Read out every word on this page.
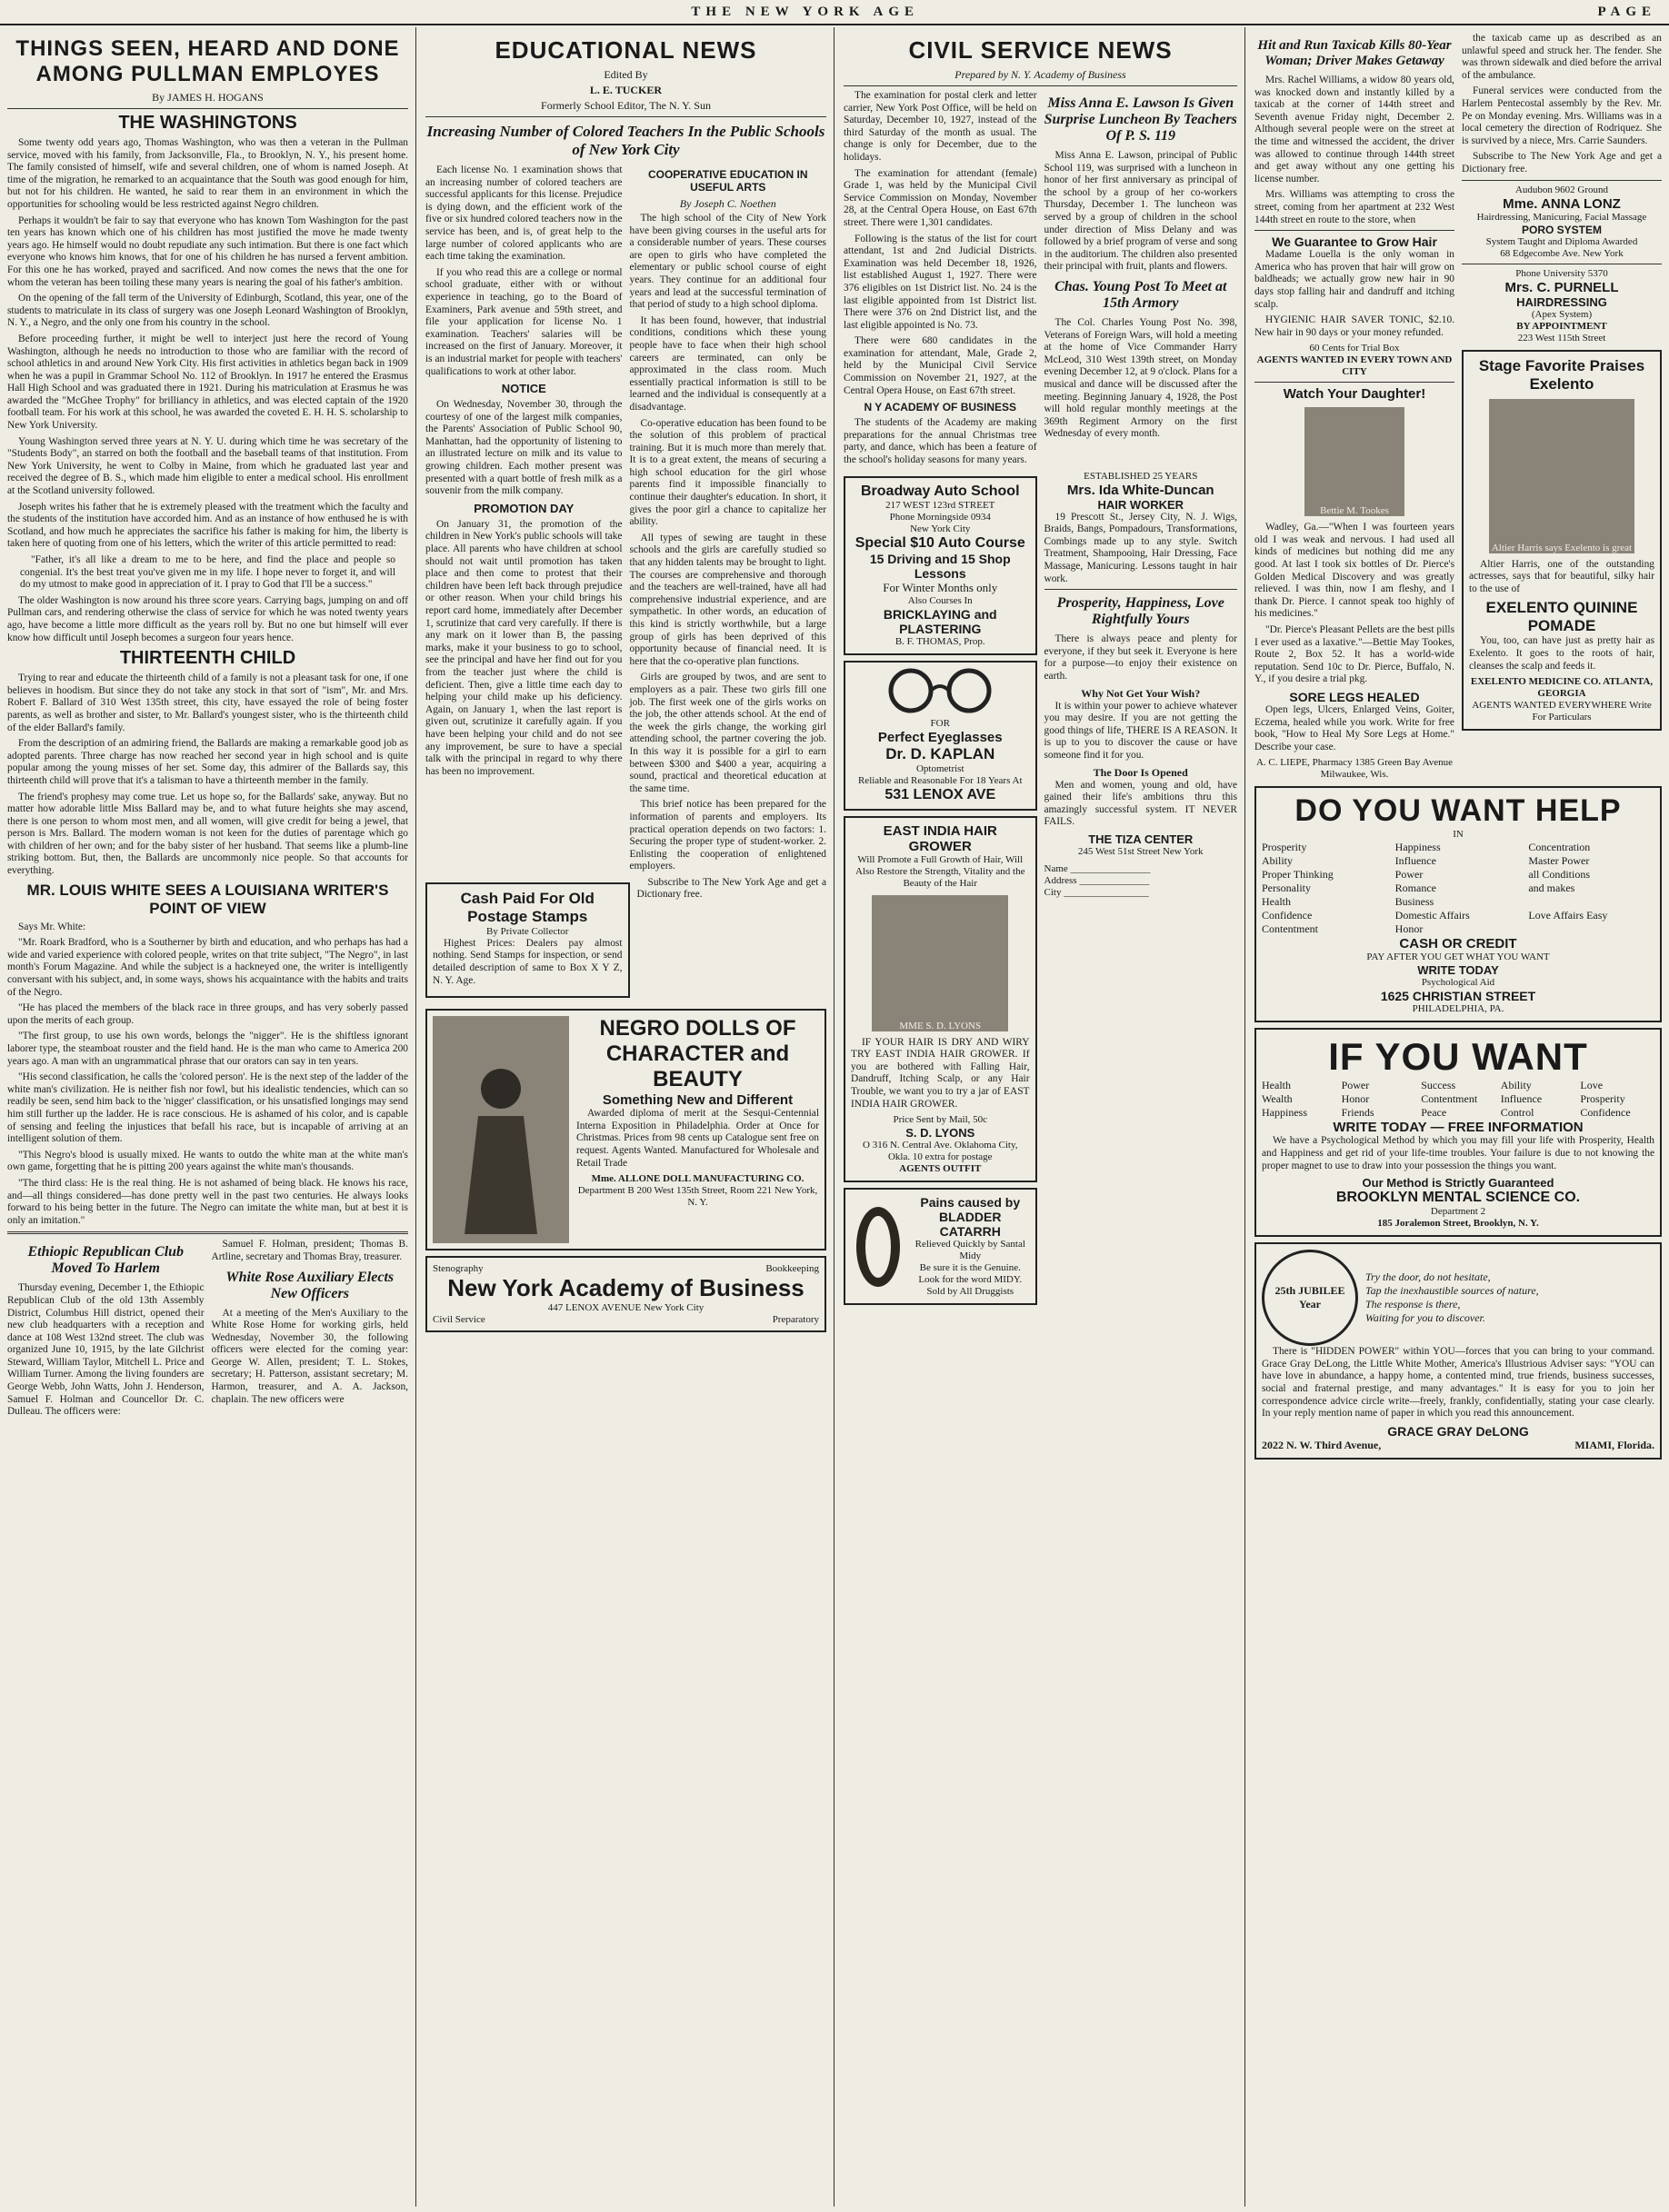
THE NEW YORK AGE	PAGE
THINGS SEEN, HEARD AND DONE AMONG PULLMAN EMPLOYES
By JAMES H. HOGANS
THE WASHINGTONS

Some twenty odd years ago, Thomas Washington, who was then a veteran in the Pullman service, moved with his family, from Jacksonville, Fla., to Brooklyn, N. Y., his present home. The family consisted of himself, wife and several children, one of whom is named Joseph. At time of the migration, he remarked to an acquaintance that the South was good enough for him, but not for his children. He wanted, he said to rear them in an environment in which the opportunities for schooling would be less restricted against Negro children.

Perhaps it wouldn't be fair to say that everyone who has known Tom Washington for the past ten years has known which one of his children has most justified the move he made twenty years ago. He himself would no doubt repudiate any such intimation. But there is one fact which everyone who knows him knows, that for one of his children he has nursed a fervent ambition. For this one he has worked, prayed and sacrificed. And now comes the news that the one for whom the veteran has been toiling these many years is nearing the goal of his father's ambition.

On the opening of the fall term of the University of Edinburgh, Scotland, this year, one of the students to matriculate in its class of surgery was one Joseph Leonard Washington of Brooklyn, N. Y., a Negro, and the only one from his country in the school.

Before proceeding further, it might be well to interject just here the record of Young Washington, although he needs no introduction to those who are familiar with the record of school athletics in and around New York City. His first activities in athletics began back in 1909 when he was a pupil in Grammar School No. 112 of Brooklyn. In 1917 he entered the Erasmus Hall High School and was graduated there in 1921. During his matriculation at Erasmus he was awarded the "McGhee Trophy" for brilliancy in athletics, and was elected captain of the 1920 football team. For his work at this school, he was awarded the coveted E. H. H. S. scholarship to New York University.

Young Washington served three years at N. Y. U. during which time he was secretary of the "Students Body", an starred on both the football and the baseball teams of that institution. From New York University, he went to Colby in Maine, from which he graduated last year and received the degree of B. S., which made him eligible to enter a medical school. His enrollment at the Scotland university followed.

Joseph writes his father that he is extremely pleased with the treatment which the faculty and the students of the institution have accorded him. And as an instance of how enthused he is with Scotland, and how much he appreciates the sacrifice his father is making for him, the liberty is taken here of quoting from one of his letters, which the writer of this article permitted to read:

"Father, it's all like a dream to me to be here, and find the place and people so congenial. It's the best treat you've given me in my life. I hope never to forget it, and will do my utmost to make good in appreciation of it. I pray to God that I'll be a success."

The older Washington is now around his three score years. Carrying bags, jumping on and off Pullman cars, and rendering otherwise the class of service for which he was noted twenty years ago, have become a little more difficult as the years roll by. But no one but himself will ever know how difficult until Joseph becomes a surgeon four years hence.

THIRTEENTH CHILD

Trying to rear and educate the thirteenth child of a family is not a pleasant task for one, if one believes in hoodism. But since they do not take any stock in that sort of "ism", Mr. and Mrs. Robert F. Ballard of 310 West 135th street, this city, have essayed the role of being foster parents, as well as brother and sister, to Mr. Ballard's youngest sister, who is the thirteenth child of the elder Ballard's family.

From the description of an admiring friend, the Ballards are making a remarkable good job as adopted parents. Three charge has now reached her second year in high school and is quite popular among the young misses of her set. Some day, this admirer of the Ballards say, this thirteenth child will prove that it's a talisman to have a thirteenth member in the family.

The friend's prophesy may come true. Let us hope so, for the Ballards' sake, anyway. But no matter how adorable little Miss Ballard may be, and to what future heights she may ascend, there is one person to whom most men, and all women, will give credit for being a jewel, that person is Mrs. Ballard. The modern woman is not keen for the duties of parentage which go with children of her own; and for the baby sister of her husband. That seems like a plumb-line striking bottom. But, then, the Ballards are uncommonly nice people. So that accounts for everything.

MR. LOUIS WHITE SEES A LOUISIANA WRITER'S POINT OF VIEW

Says Mr. White:

"Mr. Roark Bradford, who is a Southerner by birth and education, and who perhaps has had a wide and varied experience with colored people, writes on that trite subject, "The Negro", in last month's Forum Magazine. And while the subject is a hackneyed one, the writer is intelligently conversant with his subject, and, in some ways, shows his acquaintance with the habits and traits of the Negro.

"He has placed the members of the black race in three groups, and has very soberly passed upon the merits of each group.

"The first group, to use his own words, belongs the "nigger". He is the shiftless ignorant laborer type, the steamboat rouster and the field hand. He is the man who came to America 200 years ago. A man with an ungrammatical phrase that our orators can say in ten years.

"His second classification, he calls the 'colored person'. He is the next step of the ladder of the white man's civilization. He is neither fish nor fowl, but his idealistic tendencies, which can so readily be seen, send him back to the 'nigger' classification, or his unsatisfied longings may send him still further up the ladder. He is race conscious. He is ashamed of his color, and is capable of sensing and feeling the injustices that befall his race, but is incapable of arriving at an intelligent solution of them.

"This Negro's blood is usually mixed. He wants to outdo the white man at the white man's own game, forgetting that he is pitting 200 years against the white man's thousands.

"The third class: He is the real thing. He is not ashamed of being black. He knows his race, and—all things considered—has done pretty well in the past two centuries. He always looks forward to his being better in the future. The Negro can imitate the white man, but at best it is only an imitation."

Ethiopic Republican Club Moved To Harlem

Thursday evening, December 1, the Ethiopic Republican Club of the old 13th Assembly District, Columbus Hill district, opened their new club headquarters with a reception and dance at 108 West 132nd street. The club was organized June 10, 1915, by the late Gilchrist Steward, William Taylor, Mitchell L. Price and William Turner. Among the living founders are George Webb, John Watts, John J. Henderson, Samuel F. Holman and Councellor Dr. C. Dulleau. The officers were:

Samuel F. Holman, president; Thomas B. Artline, secretary and Thomas Bray, treasurer.

White Rose Auxiliary Elects New Officers

At a meeting of the Men's Auxiliary to the White Rose Home for working girls, held Wednesday, November 30, the following officers were elected for the coming year: George W. Allen, president; T. L. Stokes, secretary; H. Patterson, assistant secretary; M. Harmon, treasurer, and A. A. Jackson, chaplain. The new officers were

EDUCATIONAL NEWS
Edited By
L. E. TUCKER
Formerly School Editor, The N. Y. Sun
Increasing Number of Colored Teachers In the Public Schools of New York City

Each license No. 1 examination shows that an increasing number of colored teachers are successful applicants for this license. Prejudice is dying down, and the efficient work of the five or six hundred colored teachers now in the service has been, and is, of great help to the large number of colored applicants who are each time taking the examination.

If you who read this are a college or normal school graduate, either with or without experience in teaching, go to the Board of Examiners, Park avenue and 59th street, and file your application for license No. 1 examination. Teachers' salaries will be increased on the first of January. Moreover, it is an industrial market for people with teachers' qualifications to work at other labor.

NOTICE

On Wednesday, November 30, through the courtesy of one of the largest milk companies, the Parents' Association of Public School 90, Manhattan, had the opportunity of listening to an illustrated lecture on milk and its value to growing children. Each mother present was presented with a quart bottle of fresh milk as a souvenir from the milk company.

PROMOTION DAY

On January 31, the promotion of the children in New York's public schools will take place. All parents who have children at school should not wait until promotion has taken place and then come to protest that their children have been left back through prejudice or other reason. When your child brings his report card home, immediately after December 1, scrutinize that card very carefully. If there is any mark on it lower than B, the passing marks, make it your business to go to school, see the principal and have her find out for you from the teacher just where the child is deficient. Then, give a little time each day to helping your child make up his deficiency. Again, on January 1, when the last report is given out, scrutinize it carefully again. If you have been helping your child and do not see any improvement, be sure to have a special talk with the principal in regard to why there has been no improvement.

COOPERATIVE EDUCATION IN USEFUL ARTS
By Joseph C. Noethen

The high school of the City of New York have been giving courses in the useful arts for a considerable number of years. These courses are open to girls who have completed the elementary or public school course of eight years. They continue for an additional four years and lead at the successful termination of that period of study to a high school diploma.

It has been found, however, that industrial conditions, conditions which these young people have to face when their high school careers are terminated, can only be approximated in the class room. Much essentially practical information is still to be learned and the individual is consequently at a disadvantage.

Co-operative education has been found to be the solution of this problem of practical training. But it is much more than merely that. It is to a great extent, the means of securing a high school education for the girl whose parents find it impossible financially to continue their daughter's education. In short, it gives the poor girl a chance to capitalize her ability.

All types of sewing are taught in these schools and the girls are carefully studied so that any hidden talents may be brought to light. The courses are comprehensive and thorough and the teachers are well-trained, have all had comprehensive industrial experience, and are sympathetic. In other words, an education of this kind is strictly worthwhile, but a large group of girls has been deprived of this opportunity because of financial need. It is here that the co-operative plan functions.

Girls are grouped by twos, and are sent to employers as a pair. These two girls fill one job. The first week one of the girls works on the job, the other attends school. At the end of the week the girls change, the working girl attending school, the partner covering the job. In this way it is possible for a girl to earn between $300 and $400 a year, acquiring a sound, practical and theoretical education at the same time.

This brief notice has been prepared for the information of parents and employers. Its practical operation depends on two factors: 1. Securing the proper type of student-worker. 2. Enlisting the cooperation of enlightened employers.

Cash Paid For Old Postage Stamps
By Private Collector

Highest Prices: Dealers pay almost nothing. Send Stamps for inspection, or send detailed description of same to Box X Y Z, N. Y. Age.

Subscribe to The New York Age and get a Dictionary free.

NEGRO DOLLS OF CHARACTER and BEAUTY
Something New and Different

Awarded diploma of merit at the Sesqui-Centennial Interna Exposition in Philadelphia. Order at Once for Christmas. Prices from 98 cents up Catalogue sent free on request. Agents Wanted. Manufactured for Wholesale and Retail Trade

Mme. ALLONE DOLL MANUFACTURING CO.
Department B 200 West 135th Street, Room 221 New York, N. Y.
Stenography	Bookkeeping
New York Academy of Business
447 LENOX AVENUE New York City
Civil Service	Preparatory
CIVIL SERVICE NEWS
Prepared by N. Y. Academy of Business

The examination for postal clerk and letter carrier, New York Post Office, will be held on Saturday, December 10, 1927, instead of the third Saturday of the month as usual. The change is only for December, due to the holidays.

The examination for attendant (female) Grade 1, was held by the Municipal Civil Service Commission on Monday, November 28, at the Central Opera House, on East 67th street. There were 1,301 candidates.

Following is the status of the list for court attendant, 1st and 2nd Judicial Districts. Examination was held December 18, 1926, list established August 1, 1927. There were 376 eligibles on 1st District list. No. 24 is the last eligible appointed from 1st District list. There were 376 on 2nd District list, and the last eligible appointed is No. 73.

There were 680 candidates in the examination for attendant, Male, Grade 2, held by the Municipal Civil Service Commission on November 21, 1927, at the Central Opera House, on East 67th street.

N Y ACADEMY OF BUSINESS

The students of the Academy are making preparations for the annual Christmas tree party, and dance, which has been a feature of the school's holiday seasons for many years.

Miss Anna E. Lawson Is Given Surprise Luncheon By Teachers Of P. S. 119

Miss Anna E. Lawson, principal of Public School 119, was surprised with a luncheon in honor of her first anniversary as principal of the school by a group of her co-workers Thursday, December 1. The luncheon was served by a group of children in the school under direction of Miss Delany and was followed by a brief program of verse and song in the auditorium. The children also presented their principal with fruit, plants and flowers.

Chas. Young Post To Meet at 15th Armory

The Col. Charles Young Post No. 398, Veterans of Foreign Wars, will hold a meeting at the home of Vice Commander Harry McLeod, 310 West 139th street, on Monday evening December 12, at 9 o'clock. Plans for a musical and dance will be discussed after the meeting. Beginning January 4, 1928, the Post will hold regular monthly meetings at the 369th Regiment Armory on the first Wednesday of every month.

Broadway Auto School
217 WEST 123rd STREET
Phone Morningside 0934
New York City
Special $10 Auto Course
15 Driving and 15 Shop Lessons
For Winter Months only
Also Courses In
BRICKLAYING and PLASTERING
B. F. THOMAS, Prop.
FOR
Perfect Eyeglasses
Dr. D. KAPLAN
Optometrist
Reliable and Reasonable For 18 Years At
531 LENOX AVE
EAST INDIA HAIR GROWER
Will Promote a Full Growth of Hair, Will Also Restore the Strength, Vitality and the Beauty of the Hair
MME S. D. LYONS

IF YOUR HAIR IS DRY AND WIRY TRY EAST INDIA HAIR GROWER. If you are bothered with Falling Hair, Dandruff, Itching Scalp, or any Hair Trouble, we want you to try a jar of EAST INDIA HAIR GROWER.

Price Sent by Mail, 50c
S. D. LYONS
O 316 N. Central Ave. Oklahoma City, Okla. 10 extra for postage
AGENTS OUTFIT
Pains caused by BLADDER CATARRH
Relieved Quickly by Santal Midy
Be sure it is the Genuine. Look for the word MIDY. Sold by All Druggists
ESTABLISHED 25 YEARS
Mrs. Ida White-Duncan
HAIR WORKER

19 Prescott St., Jersey City, N. J. Wigs, Braids, Bangs, Pompadours, Transformations, Combings made up to any style. Switch Treatment, Shampooing, Hair Dressing, Face Massage, Manicuring. Lessons taught in hair work.

Prosperity, Happiness, Love Rightfully Yours

There is always peace and plenty for everyone, if they but seek it. Everyone is here for a purpose—to enjoy their existence on earth.

Why Not Get Your Wish?

It is within your power to achieve whatever you may desire. If you are not getting the good things of life, THERE IS A REASON. It is up to you to discover the cause or have someone find it for you.

The Door Is Opened

Men and women, young and old, have gained their life's ambitions thru this amazingly successful system. IT NEVER FAILS.

THE TIZA CENTER
245 West 51st Street New York
Name ________________
Address ______________
City _________________
Hit and Run Taxicab Kills 80-Year Woman; Driver Makes Getaway

Mrs. Rachel Williams, a widow 80 years old, was knocked down and instantly killed by a taxicab at the corner of 144th street and Seventh avenue Friday night, December 2. Although several people were on the street at the time and witnessed the accident, the driver was allowed to continue through 144th street and get away without any one getting his license number.

Mrs. Williams was attempting to cross the street, coming from her apartment at 232 West 144th street en route to the store, when

We Guarantee to Grow Hair

Madame Louella is the only woman in America who has proven that hair will grow on baldheads; we actually grow new hair in 90 days stop falling hair and dandruff and itching scalp.

HYGIENIC HAIR SAVER TONIC, $2.10. New hair in 90 days or your money refunded.

60 Cents for Trial Box
AGENTS WANTED IN EVERY TOWN AND CITY
Watch Your Daughter!
Bettie M. Tookes

Wadley, Ga.—"When I was fourteen years old I was weak and nervous. I had used all kinds of medicines but nothing did me any good. At last I took six bottles of Dr. Pierce's Golden Medical Discovery and was greatly relieved. I was thin, now I am fleshy, and I thank Dr. Pierce. I cannot speak too highly of his medicines."

"Dr. Pierce's Pleasant Pellets are the best pills I ever used as a laxative."—Bettie May Tookes, Route 2, Box 52. It has a world-wide reputation. Send 10c to Dr. Pierce, Buffalo, N. Y., if you desire a trial pkg.

SORE LEGS HEALED

Open legs, Ulcers, Enlarged Veins, Goiter, Eczema, healed while you work. Write for free book, "How to Heal My Sore Legs at Home." Describe your case.

A. C. LIEPE, Pharmacy 1385 Green Bay Avenue Milwaukee, Wis.

the taxicab came up as described as an unlawful speed and struck her. The fender. She was thrown sidewalk and died before the arrival of the ambulance.

Funeral services were conducted from the Harlem Pentecostal assembly by the Rev. Mr. Pe on Monday evening. Mrs. Williams was in a local cemetery the direction of Rodriquez. She is survived by a niece, Mrs. Carrie Saunders.

Subscribe to The New York Age and get a Dictionary free.

Audubon 9602 Ground
Mme. ANNA LONZ
Hairdressing, Manicuring, Facial Massage
PORO SYSTEM
System Taught and Diploma Awarded
68 Edgecombe Ave. New York
Phone University 5370
Mrs. C. PURNELL
HAIRDRESSING
(Apex System)
BY APPOINTMENT
223 West 115th Street
Stage Favorite Praises Exelento
Altier Harris says Exelento is great

Altier Harris, one of the outstanding actresses, says that for beautiful, silky hair to the use of

EXELENTO QUININE POMADE

You, too, can have just as pretty hair as Exelento. It goes to the roots of hair, cleanses the scalp and feeds it.

EXELENTO MEDICINE CO. ATLANTA, GEORGIA
AGENTS WANTED EVERYWHERE Write For Particulars
DO YOU WANT HELP
IN
Prosperity	Happiness	Concentration
Ability	Influence	Master Power
Proper Thinking	Power	all Conditions
Personality	Romance	and makes
Health	Business
Confidence	Domestic Affairs	Love Affairs Easy
Contentment	Honor
CASH OR CREDIT
PAY AFTER YOU GET WHAT YOU WANT
WRITE TODAY
Psychological Aid
1625 CHRISTIAN STREET
PHILADELPHIA, PA.
IF YOU WANT
Health	Power	Success	Ability	Love
Wealth	Honor	Contentment	Influence	Prosperity
Happiness	Friends	Peace	Control	Confidence
WRITE TODAY — FREE INFORMATION

We have a Psychological Method by which you may fill your life with Prosperity, Health and Happiness and get rid of your life-time troubles. Your failure is due to not knowing the proper magnet to use to draw into your possession the things you want.

Our Method is Strictly Guaranteed
BROOKLYN MENTAL SCIENCE CO.
Department 2
185 Joralemon Street, Brooklyn, N. Y.
25th JUBILEE Year
Try the door, do not hesitate,
Tap the inexhaustible sources of nature,
The response is there,
Waiting for you to discover.

There is "HIDDEN POWER" within YOU—forces that you can bring to your command. Grace Gray DeLong, the Little White Mother, America's Illustrious Adviser says: "YOU can have love in abundance, a happy home, a contented mind, true friends, business successes, social and fraternal prestige, and many advantages." It is easy for you to join her correspondence advice circle write—freely, frankly, confidentially, stating your case clearly. In your reply mention name of paper in which you read this announcement.

GRACE GRAY DeLONG
2022 N. W. Third Avenue,	MIAMI, Florida.
